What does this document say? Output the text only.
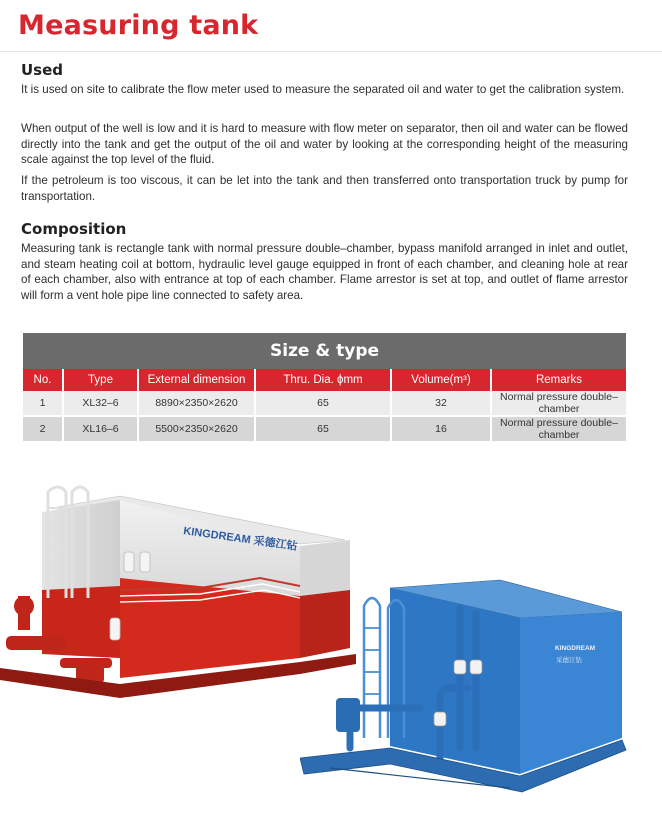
Measuring tank
Used

It is used on site to calibrate the flow meter used to measure the separated oil and water to get the calibration system.

When output of the well is low and it is hard to measure with flow meter on separator, then oil and water can be flowed directly into the tank and get the output of the oil and water by looking at the corresponding height of the measuring scale against the top level of the fluid.

If the petroleum is too viscous, it can be let into the tank and then transferred onto transportation truck by pump for transportation.

Composition

Measuring tank is rectangle tank with normal pressure double–chamber, bypass manifold arranged in inlet and outlet, and steam heating coil at bottom, hydraulic level gauge equipped in front of each chamber, and cleaning hole at rear of each chamber, also with entrance at top of each chamber. Flame arrestor is set at top, and outlet of flame arrestor will form a vent hole pipe line connected to safety area.

Size & type
No.	Type	External dimension	Thru. Dia. ϕmm	Volume(m³)	Remarks
1	XL32–6	8890×2350×2620	65	32	Normal pressure double–chamber
2	XL16–6	5500×2350×2620	65	16	Normal pressure double–chamber
KINGDREAM 采德江钻
KINGDREAM
采德江钻
